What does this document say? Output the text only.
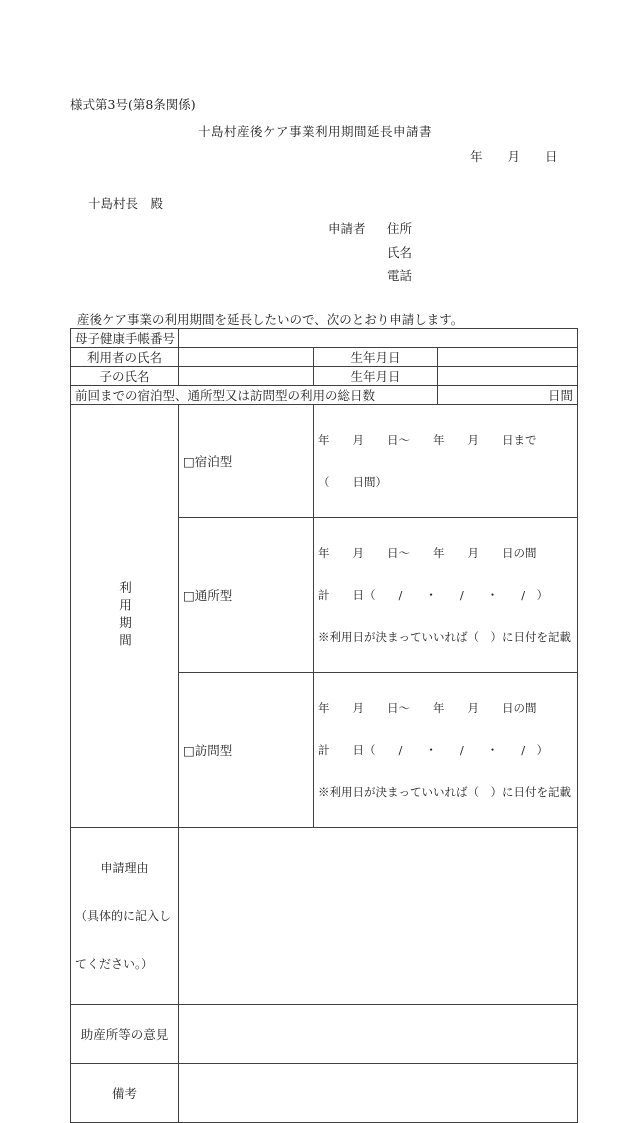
様式第3号(第8条関係)
十島村産後ケア事業利用期間延長申請書
年　　月　　日
十島村長　殿
申請者 住所
氏名
電話
産後ケア事業の利用期間を延長したいので、次のとおり申請します。
母子健康手帳番号			
利用者の氏名		生年月日	
子の氏名		生年月日	
前回までの宿泊型、通所型又は訪問型の利用の総日数			日間

利用期間	□宿泊型	年　　月　　日～　　年　　月　　日まで

（　　日間）	

	□通所型	年　　月　　日～　　年　　月　　日の間

計　　日（　　/　　・　　/　　・　　/　）

※利用日が決まっていいれば（　）に日付を記載	

	□訪問型	年　　月　　日～　　年　　月　　日の間

計　　日（　　/　　・　　/　　・　　/　）

※利用日が決まっていいれば（　）に日付を記載	

申請理由

（具体的に記入し

てください。）			

助産所等の意見			
備考			
